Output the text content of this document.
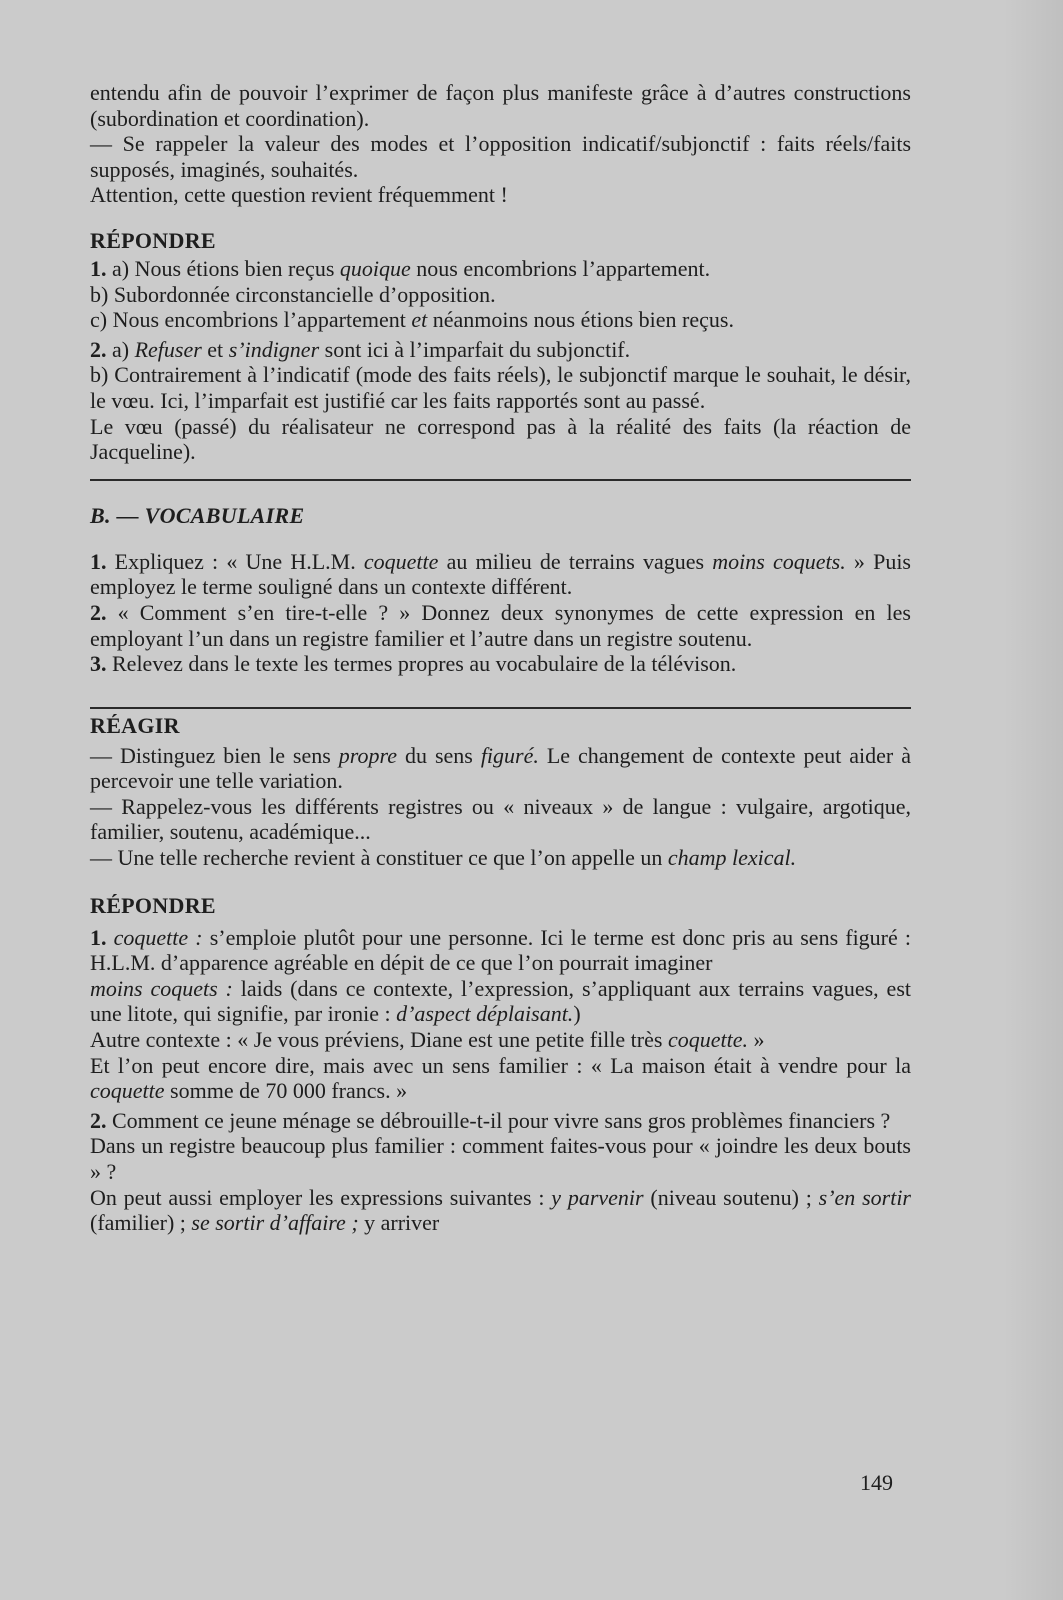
entendu afin de pouvoir l’exprimer de façon plus manifeste grâce à d’autres constructions (subordination et coordination).

— Se rappeler la valeur des modes et l’opposition indicatif/subjonctif : faits réels/faits supposés, imaginés, souhaités.

Attention, cette question revient fréquemment !

RÉPONDRE

1. a) Nous étions bien reçus quoique nous encombrions l’appartement.

b) Subordonnée circonstancielle d’opposition.

c) Nous encombrions l’appartement et néanmoins nous étions bien reçus.

2. a) Refuser et s’indigner sont ici à l’imparfait du subjonctif.

b) Contrairement à l’indicatif (mode des faits réels), le subjonctif marque le souhait, le désir, le vœu. Ici, l’imparfait est justifié car les faits rapportés sont au passé.

Le vœu (passé) du réalisateur ne correspond pas à la réalité des faits (la réaction de Jacqueline).

B. — VOCABULAIRE

1. Expliquez : « Une H.L.M. coquette au milieu de terrains vagues moins coquets. » Puis employez le terme souligné dans un contexte différent.

2. « Comment s’en tire-t-elle ? » Donnez deux synonymes de cette expression en les employant l’un dans un registre familier et l’autre dans un registre soutenu.

3. Relevez dans le texte les termes propres au vocabulaire de la télévison.

RÉAGIR

— Distinguez bien le sens propre du sens figuré. Le changement de contexte peut aider à percevoir une telle variation.

— Rappelez-vous les différents registres ou « niveaux » de langue : vulgaire, argotique, familier, soutenu, académique...

— Une telle recherche revient à constituer ce que l’on appelle un champ lexical.

RÉPONDRE

1. coquette : s’emploie plutôt pour une personne. Ici le terme est donc pris au sens figuré : H.L.M. d’apparence agréable en dépit de ce que l’on pourrait imaginer

moins coquets : laids (dans ce contexte, l’expression, s’appliquant aux terrains vagues, est une litote, qui signifie, par ironie : d’aspect déplaisant.)

Autre contexte : « Je vous préviens, Diane est une petite fille très coquette. »

Et l’on peut encore dire, mais avec un sens familier : « La maison était à vendre pour la coquette somme de 70 000 francs. »

2. Comment ce jeune ménage se débrouille-t-il pour vivre sans gros problèmes financiers ?

Dans un registre beaucoup plus familier : comment faites-vous pour « joindre les deux bouts » ?

On peut aussi employer les expressions suivantes : y parvenir (niveau soutenu) ; s’en sortir (familier) ; se sortir d’affaire ; y arriver

149
